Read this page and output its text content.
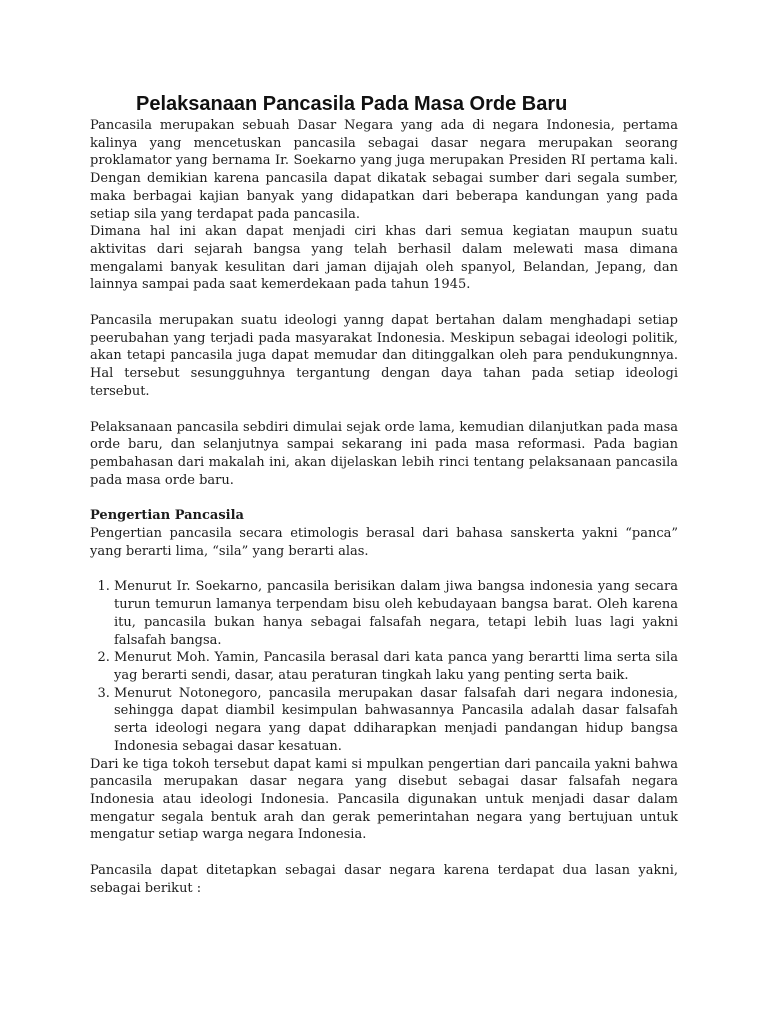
Pelaksanaan Pancasila Pada Masa Orde Baru

Pancasila merupakan sebuah Dasar Negara yang ada di negara Indonesia, pertama kalinya yang mencetuskan pancasila sebagai dasar negara merupakan seorang proklamator yang bernama Ir. Soekarno yang juga merupakan Presiden RI pertama kali. Dengan demikian karena pancasila dapat dikatak sebagai sumber dari segala sumber, maka berbagai kajian banyak yang didapatkan dari beberapa kandungan yang pada setiap sila yang terdapat pada pancasila.

Dimana hal ini akan dapat menjadi ciri khas dari semua kegiatan maupun suatu aktivitas dari sejarah bangsa yang telah berhasil dalam melewati masa dimana mengalami banyak kesulitan dari jaman dijajah oleh spanyol, Belandan, Jepang, dan lainnya sampai pada saat kemerdekaan pada tahun 1945.

Pancasila merupakan suatu ideologi yanng dapat bertahan dalam menghadapi setiap peerubahan yang terjadi pada masyarakat Indonesia. Meskipun sebagai ideologi politik, akan tetapi pancasila juga dapat memudar dan ditinggalkan oleh para pendukungnnya. Hal tersebut sesungguhnya tergantung dengan daya tahan pada setiap ideologi tersebut.

Pelaksanaan pancasila sebdiri dimulai sejak orde lama, kemudian dilanjutkan pada masa orde baru, dan selanjutnya sampai sekarang ini pada masa reformasi. Pada bagian pembahasan dari makalah ini, akan dijelaskan lebih rinci tentang pelaksanaan pancasila pada masa orde baru.

Pengertian Pancasila

Pengertian pancasila secara etimologis berasal dari bahasa sanskerta yakni “panca” yang berarti lima, “sila” yang berarti alas.

1. Menurut Ir. Soekarno, pancasila berisikan dalam jiwa bangsa indonesia yang secara turun temurun lamanya terpendam bisu oleh kebudayaan bangsa barat. Oleh karena itu, pancasila bukan hanya sebagai falsafah negara, tetapi lebih luas lagi yakni falsafah bangsa.
2. Menurut Moh. Yamin, Pancasila berasal dari kata panca yang berartti lima serta sila yag berarti sendi, dasar, atau peraturan tingkah laku yang penting serta baik.
3. Menurut Notonegoro, pancasila merupakan dasar falsafah dari negara indonesia, sehingga dapat diambil kesimpulan bahwasannya Pancasila adalah dasar falsafah serta ideologi negara yang dapat ddiharapkan menjadi pandangan hidup bangsa Indonesia sebagai dasar kesatuan.

Dari ke tiga tokoh tersebut dapat kami si mpulkan pengertian dari pancaila yakni bahwa pancasila merupakan dasar negara yang disebut sebagai dasar falsafah negara Indonesia atau ideologi Indonesia. Pancasila digunakan untuk menjadi dasar dalam mengatur segala bentuk arah dan gerak pemerintahan negara yang bertujuan untuk mengatur setiap warga negara Indonesia.

Pancasila dapat ditetapkan sebagai dasar negara karena terdapat dua lasan yakni, sebagai berikut :
